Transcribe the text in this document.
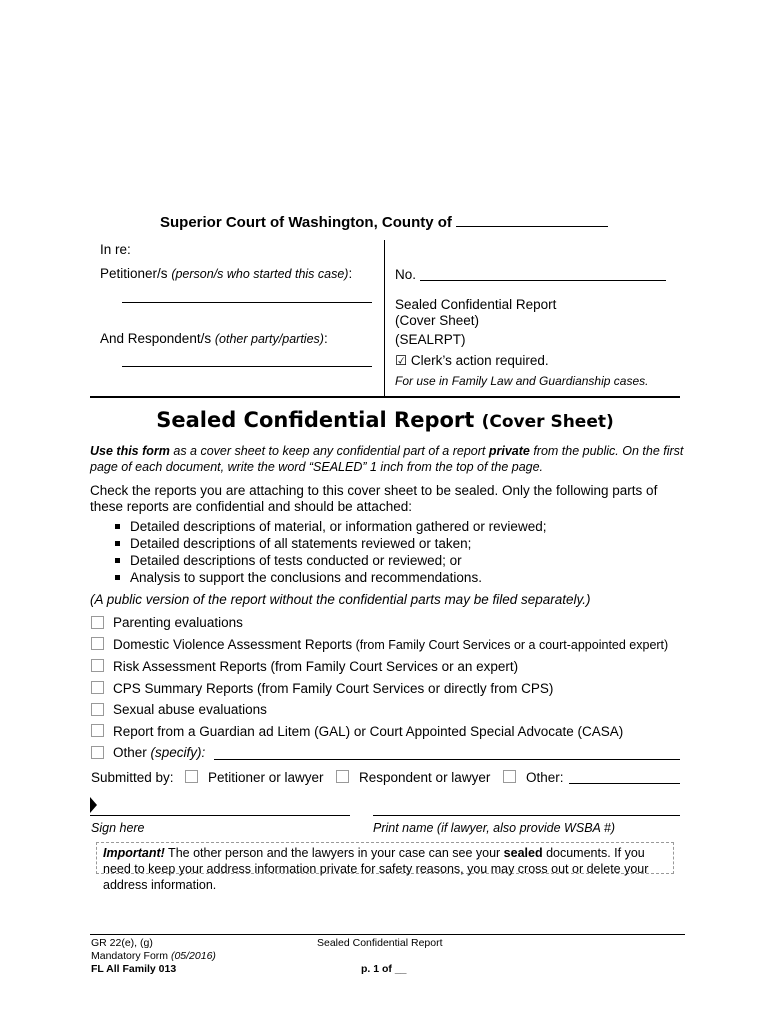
Superior Court of Washington, County of
In re:
Petitioner/s (person/s who started this case):
And Respondent/s (other party/parties):
No.
Sealed Confidential Report
(Cover Sheet)
(SEALRPT)
☑ Clerk’s action required.
For use in Family Law and Guardianship cases.
Sealed Confidential Report (Cover Sheet)
Use this form as a cover sheet to keep any confidential part of a report private from the public. On the first page of each document, write the word “SEALED” 1 inch from the top of the page.
Check the reports you are attaching to this cover sheet to be sealed. Only the following parts of these reports are confidential and should be attached:
Detailed descriptions of material, or information gathered or reviewed;
Detailed descriptions of all statements reviewed or taken;
Detailed descriptions of tests conducted or reviewed; or
Analysis to support the conclusions and recommendations.
(A public version of the report without the confidential parts may be filed separately.)
Parenting evaluations
Domestic Violence Assessment Reports (from Family Court Services or a court-appointed expert)
Risk Assessment Reports (from Family Court Services or an expert)
CPS Summary Reports (from Family Court Services or directly from CPS)
Sexual abuse evaluations
Report from a Guardian ad Litem (GAL) or Court Appointed Special Advocate (CASA)
Other (specify):
Submitted by:	Petitioner or lawyer	Respondent or lawyer	Other:
Sign here	Print name (if lawyer, also provide WSBA #)
Important! The other person and the lawyers in your case can see your sealed documents. If you need to keep your address information private for safety reasons, you may cross out or delete your address information.
GR 22(e), (g)
Mandatory Form (05/2016)
FL All Family 013
Sealed Confidential Report
p. 1 of __
